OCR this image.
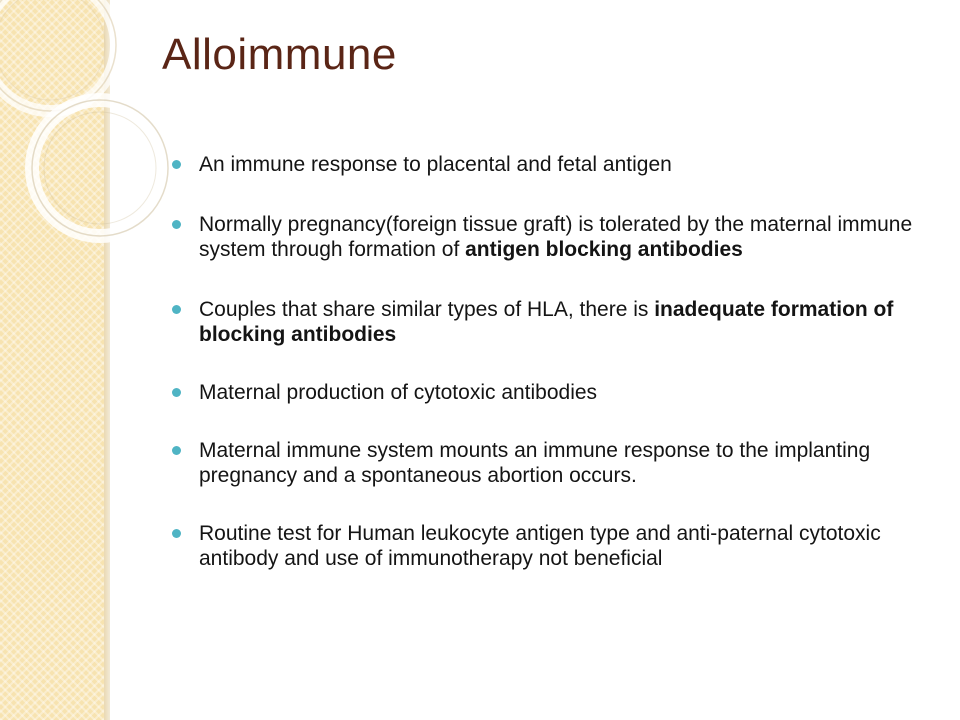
Alloimmune
An immune response to placental and fetal antigen
Normally pregnancy(foreign tissue graft) is tolerated by the maternal immune system through formation of antigen blocking antibodies
Couples that share similar types of HLA, there is inadequate formation of blocking antibodies
Maternal production of cytotoxic antibodies
Maternal immune system mounts an immune response to the implanting pregnancy and a spontaneous abortion occurs.
Routine test for Human leukocyte antigen type and anti-paternal cytotoxic antibody and use of immunotherapy not beneficial
